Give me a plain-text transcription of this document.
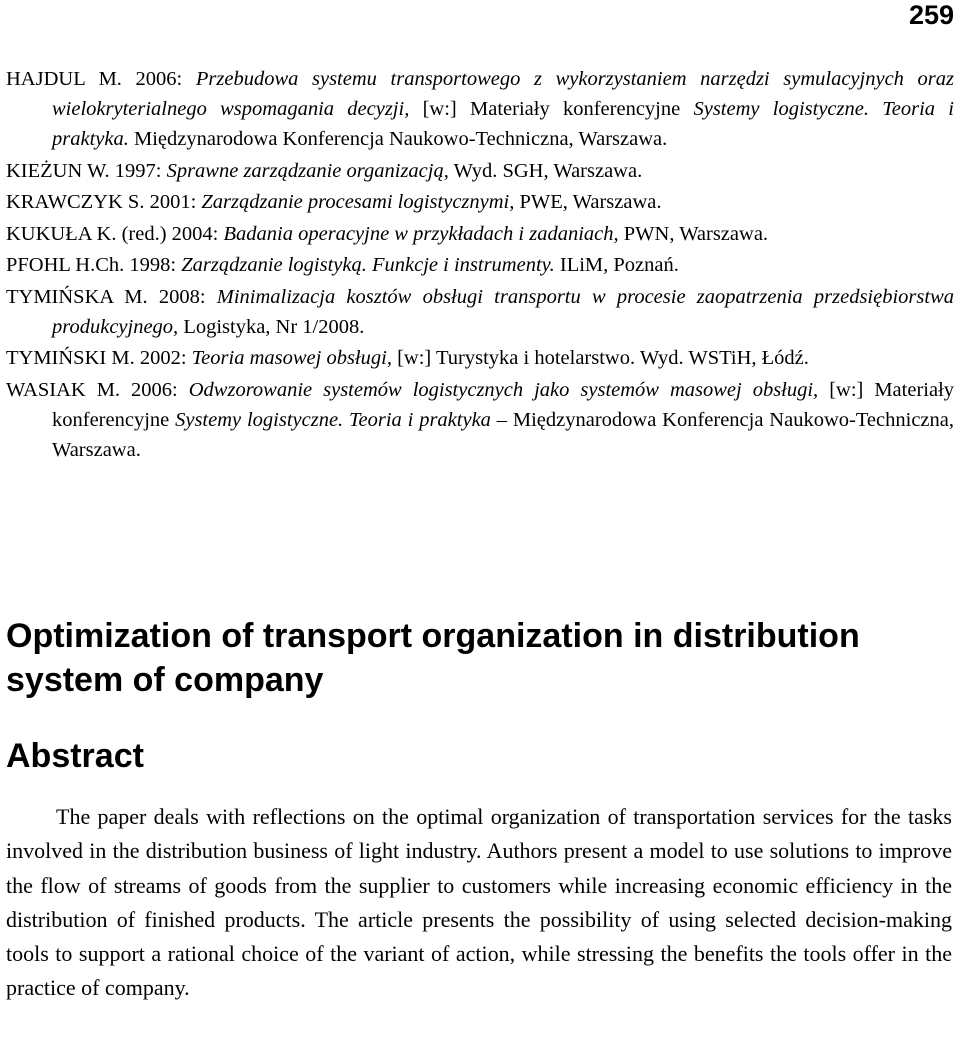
259

HAJDUL M. 2006: Przebudowa systemu transportowego z wykorzystaniem narzędzi symulacyjnych oraz wielokryterialnego wspomagania decyzji, [w:] Materiały konferencyjne Systemy logistyczne. Teoria i praktyka. Międzynarodowa Konferencja Naukowo-Techniczna, Warszawa.

KIEŻUN W. 1997: Sprawne zarządzanie organizacją, Wyd. SGH, Warszawa.

KRAWCZYK S. 2001: Zarządzanie procesami logistycznymi, PWE, Warszawa.

KUKUŁA K. (red.) 2004: Badania operacyjne w przykładach i zadaniach, PWN, Warszawa.

PFOHL H.Ch. 1998: Zarządzanie logistyką. Funkcje i instrumenty. ILiM, Poznań.

TYMIŃSKA M. 2008: Minimalizacja kosztów obsługi transportu w procesie zaopatrzenia przedsiębiorstwa produkcyjnego, Logistyka, Nr 1/2008.

TYMIŃSKI M. 2002: Teoria masowej obsługi, [w:] Turystyka i hotelarstwo. Wyd. WSTiH, Łódź.

WASIAK M. 2006: Odwzorowanie systemów logistycznych jako systemów masowej obsługi, [w:] Materiały konferencyjne Systemy logistyczne. Teoria i praktyka – Międzynarodowa Konferencja Naukowo-Techniczna, Warszawa.

Optimization of transport organization in distribution system of company
Abstract

The paper deals with reflections on the optimal organization of transportation services for the tasks involved in the distribution business of light industry. Authors present a model to use solutions to improve the flow of streams of goods from the supplier to customers while increasing economic efficiency in the distribution of finished products. The article presents the possibility of using selected decision-making tools to support a rational choice of the variant of action, while stressing the benefits the tools offer in the practice of company.
